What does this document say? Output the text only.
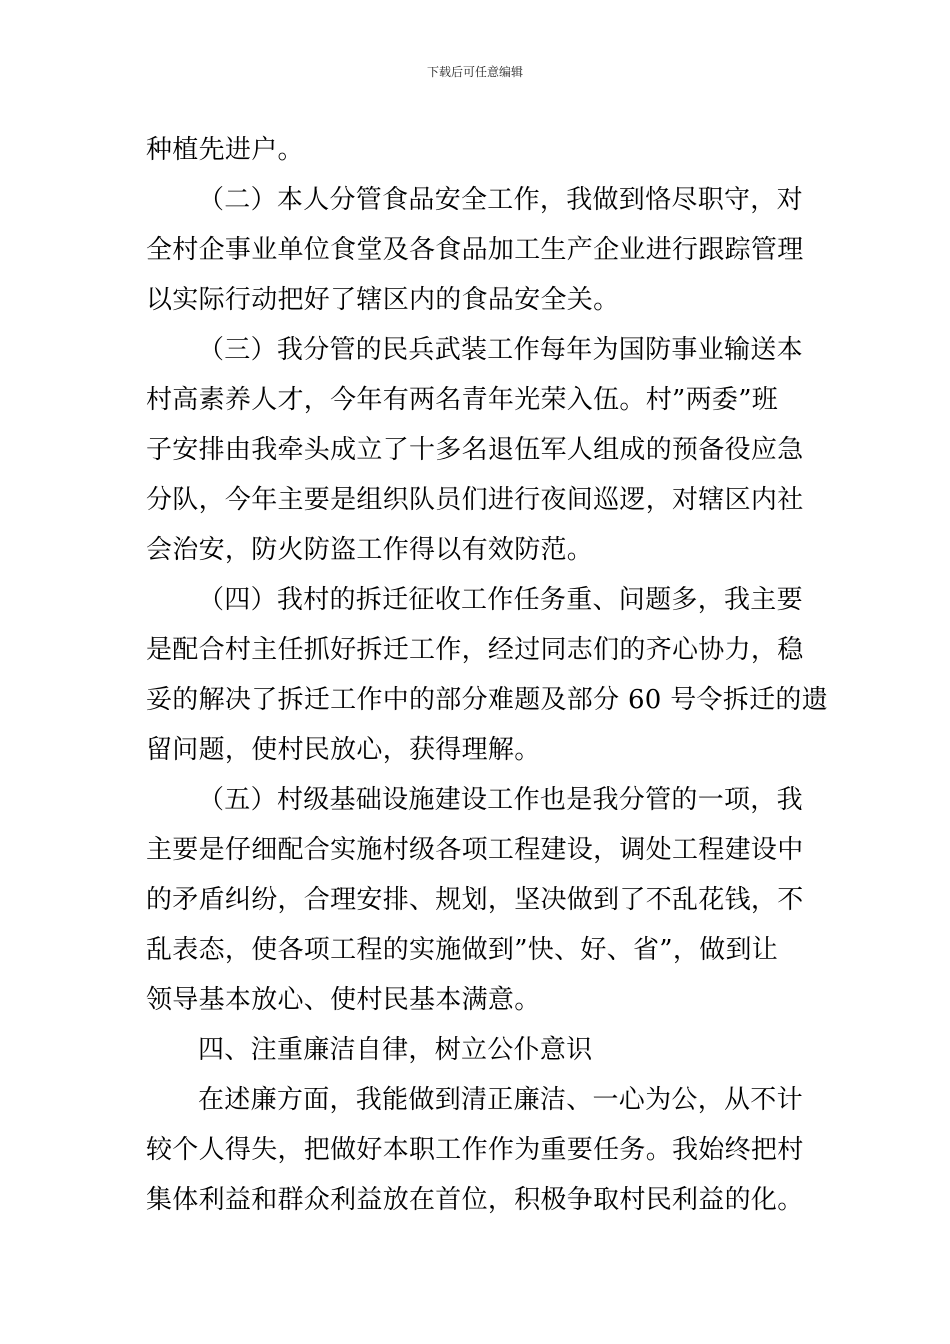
下载后可任意编辑
种植先进户。
（二）本人分管食品安全工作，我做到恪尽职守，对
全村企事业单位食堂及各食品加工生产企业进行跟踪管理
以实际行动把好了辖区内的食品安全关。
（三）我分管的民兵武装工作每年为国防事业输送本
村高素养人才，今年有两名青年光荣入伍。村”两委”班
子安排由我牵头成立了十多名退伍军人组成的预备役应急
分队，今年主要是组织队员们进行夜间巡逻，对辖区内社
会治安，防火防盗工作得以有效防范。
（四）我村的拆迁征收工作任务重、问题多，我主要
是配合村主任抓好拆迁工作，经过同志们的齐心协力，稳
妥的解决了拆迁工作中的部分难题及部分 60 号令拆迁的遗
留问题，使村民放心，获得理解。
（五）村级基础设施建设工作也是我分管的一项，我
主要是仔细配合实施村级各项工程建设，调处工程建设中
的矛盾纠纷，合理安排、规划，坚决做到了不乱花钱，不
乱表态，使各项工程的实施做到”快、好、省”，做到让
领导基本放心、使村民基本满意。
四、注重廉洁自律，树立公仆意识
在述廉方面，我能做到清正廉洁、一心为公，从不计
较个人得失，把做好本职工作作为重要任务。我始终把村
集体利益和群众利益放在首位，积极争取村民利益的化。
